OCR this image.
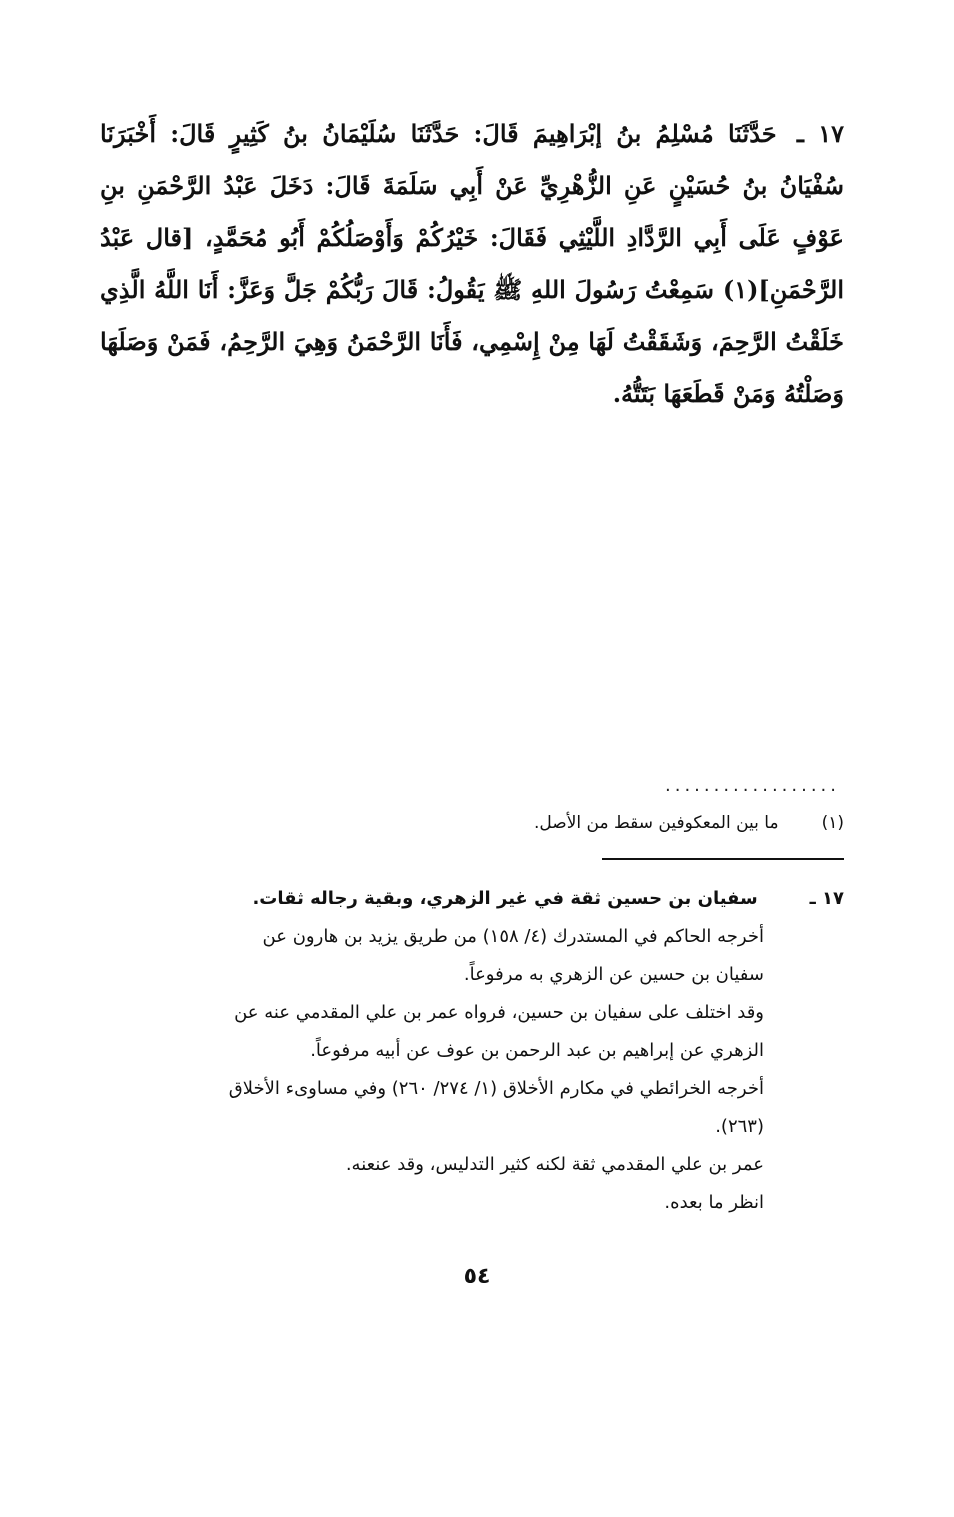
١٧ ـ حَدَّثَنَا مُسْلِمُ بنُ إبْرَاهِيمَ قَالَ: حَدَّثَنَا سُلَيْمَانُ بنُ كَثِيرٍ قَالَ: أَخْبَرَنَا سُفْيَانُ بنُ حُسَيْنٍ عَنِ الزُّهْرِيِّ عَنْ أَبِي سَلَمَةَ قَالَ: دَخَلَ عَبْدُ الرَّحْمَنِ بنِ عَوْفٍ عَلَى أَبِي الرَّدَّادِ اللَّيْثِي فَقَالَ: خَيْرُكُمْ وَأَوْصَلُكُمْ أَبُو مُحَمَّدٍ، [قال عَبْدُ الرَّحْمَنِ](١) سَمِعْتُ رَسُولَ اللهِ ﷺ يَقُولُ: قَالَ رَبُّكُمْ جَلَّ وَعَزَّ: أَنَا اللَّهُ الَّذِي خَلَقْتُ الرَّحِمَ، وَشَقَقْتُ لَهَا مِنْ إِسْمِي، فَأَنَا الرَّحْمَنُ وَهِيَ الرَّحِمُ، فَمَنْ وَصَلَهَا وَصَلْتُهُ وَمَنْ قَطَعَهَا بَتَتُّهُ.
..................
(١) ما بين المعكوفين سقط من الأصل.
١٧ ـ سفيان بن حسين ثقة في غير الزهري، وبقية رجاله ثقات.
أخرجه الحاكم في المستدرك (٤/ ١٥٨) من طريق يزيد بن هارون عن
سفيان بن حسين عن الزهري به مرفوعاً.
وقد اختلف على سفيان بن حسين، فرواه عمر بن علي المقدمي عنه عن
الزهري عن إبراهيم بن عبد الرحمن بن عوف عن أبيه مرفوعاً.
أخرجه الخرائطي في مكارم الأخلاق (١/ ٢٧٤/ ٢٦٠) وفي مساوىء الأخلاق
(٢٦٣).
عمر بن علي المقدمي ثقة لكنه كثير التدليس، وقد عنعنه.
انظر ما بعده.
٥٤
